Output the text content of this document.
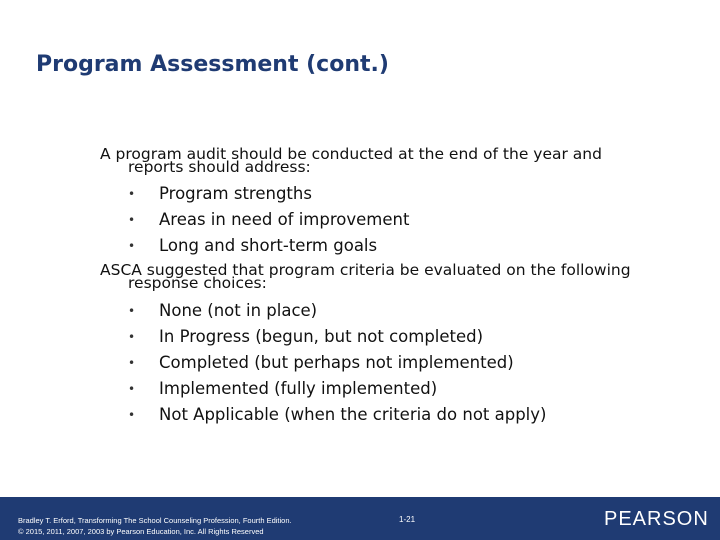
Program Assessment (cont.)

A program audit should be conducted at the end of the year and
reports should address:

•	Program strengths
•	Areas in need of improvement
•	Long and short-term goals

ASCA suggested that program criteria be evaluated on the following
response choices:

•	None (not in place)
•	In Progress (begun, but not completed)
•	Completed (but perhaps not implemented)
•	Implemented (fully implemented)
•	Not Applicable (when the criteria do not apply)
Bradley T. Erford, Transforming The School Counseling Profession, Fourth Edition.
© 2015, 2011, 2007, 2003 by Pearson Education, Inc. All Rights Reserved
1-21	PEARSON
